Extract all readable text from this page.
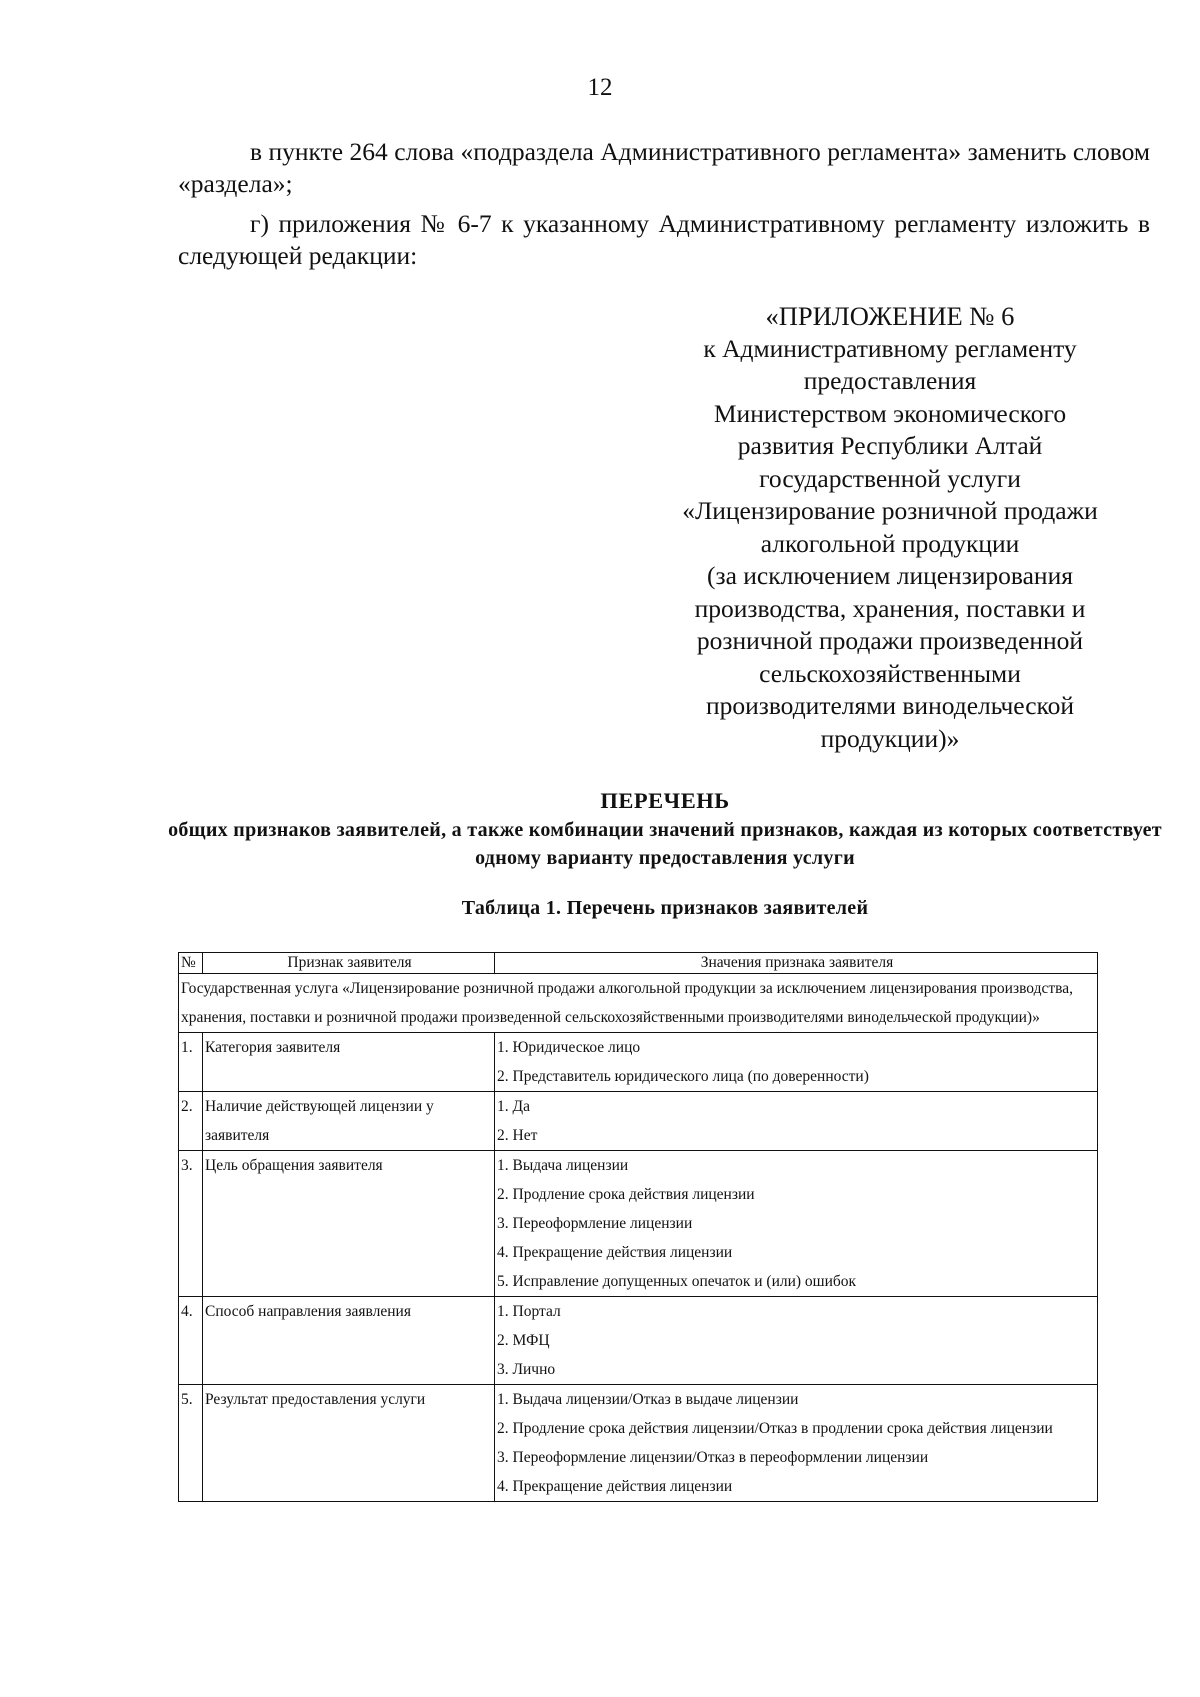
12

в пункте 264 слова «подраздела Административного регламента» заменить словом «раздела»;

г) приложения № 6-7 к указанному Административному регламенту изложить в следующей редакции:

«ПРИЛОЖЕНИЕ № 6
к Административному регламенту
предоставления
Министерством экономического
развития Республики Алтай
государственной услуги
«Лицензирование розничной продажи
алкогольной продукции
(за исключением лицензирования
производства, хранения, поставки и
розничной продажи произведенной
сельскохозяйственными
производителями винодельческой
продукции)»
ПЕРЕЧЕНЬ
общих признаков заявителей, а также комбинации значений признаков, каждая из которых соответствует одному варианту предоставления услуги
Таблица 1. Перечень признаков заявителей
№	Признак заявителя	Значения признака заявителя
Государственная услуга «Лицензирование розничной продажи алкогольной продукции за исключением лицензирования производства, хранения, поставки и розничной продажи произведенной сельскохозяйственными производителями винодельческой продукции)»		
1.	Категория заявителя	1. Юридическое лицо
2. Представитель юридического лица (по доверенности)

2.	Наличие действующей лицензии у заявителя	1. Да
2. Нет

3.	Цель обращения заявителя	1. Выдача лицензии
2. Продление срока действия лицензии
3. Переоформление лицензии
4. Прекращение действия лицензии
5. Исправление допущенных опечаток и (или) ошибок

4.	Способ направления заявления	1. Портал
2. МФЦ
3. Лично

5.	Результат предоставления услуги	1. Выдача лицензии/Отказ в выдаче лицензии
2. Продление срока действия лицензии/Отказ в продлении срока действия лицензии
3. Переоформление лицензии/Отказ в переоформлении лицензии
4. Прекращение действия лицензии
